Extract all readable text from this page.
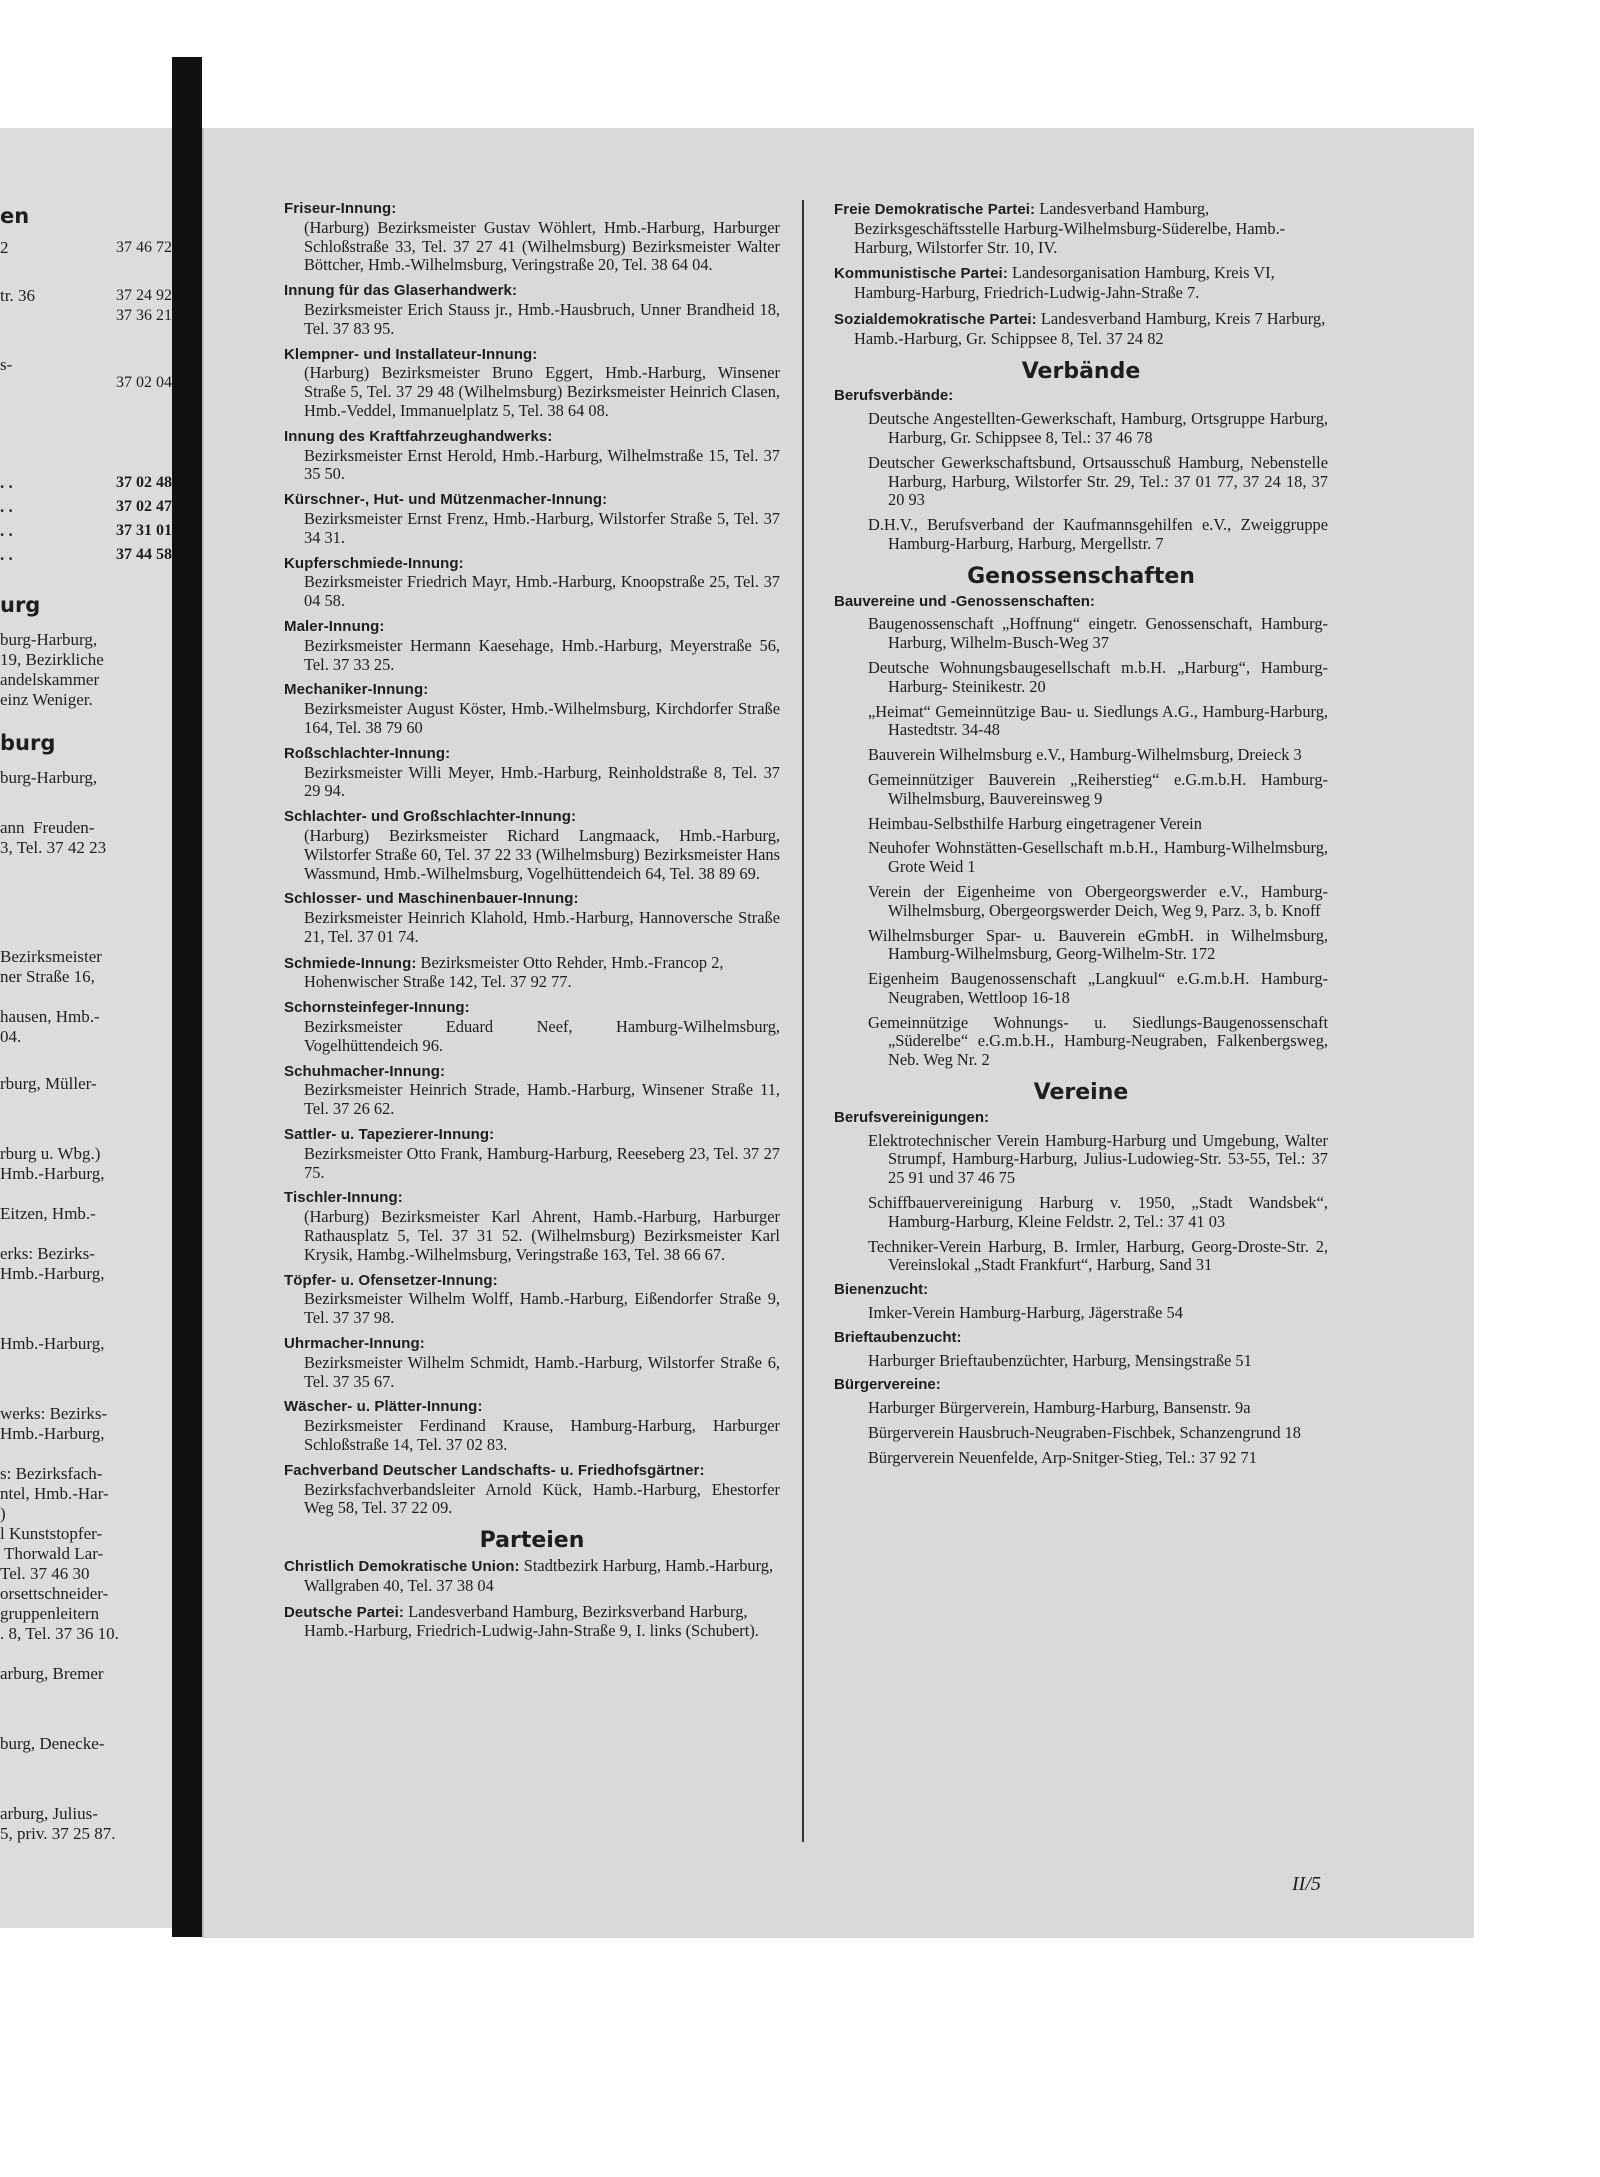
en
2	37 46 72
tr. 36	37 24 92
37 36 21
s-
37 02 04
. .	37 02 48
. .	37 02 47
. .	37 31 01
. .	37 44 58
urg
burg-Harburg,
19, Bezirkliche
andelskammer
einz Weniger.
burg
burg-Harburg,
ann  Freuden-
3, Tel. 37 42 23
Bezirksmeister
ner Straße 16,
hausen, Hmb.-
04.
rburg, Müller-
rburg u. Wbg.)
Hmb.-Harburg,
Eitzen, Hmb.-
erks: Bezirks-
Hmb.-Harburg,
Hmb.-Harburg,
werks: Bezirks-
Hmb.-Harburg,
s: Bezirksfach-
ntel, Hmb.-Har-
)
l Kunststopfer-
Thorwald Lar-
Tel. 37 46 30
orsettschneider-
gruppenleitern
. 8, Tel. 37 36 10.
arburg, Bremer
burg, Denecke-
arburg, Julius-
5, priv. 37 25 87.
Friseur-Innung:
(Harburg) Bezirksmeister Gustav Wöhlert, Hmb.-Harburg, Harburger Schloßstraße 33, Tel. 37 27 41 (Wilhelmsburg) Bezirksmeister Walter Böttcher, Hmb.-Wilhelmsburg, Veringstraße 20, Tel. 38 64 04.
Innung für das Glaserhandwerk:
Bezirksmeister Erich Stauss jr., Hmb.-Hausbruch, Unner Brandheid 18, Tel. 37 83 95.
Klempner- und Installateur-Innung:
(Harburg) Bezirksmeister Bruno Eggert, Hmb.-Harburg, Winsener Straße 5, Tel. 37 29 48 (Wilhelmsburg) Bezirksmeister Heinrich Clasen, Hmb.-Veddel, Immanuelplatz 5, Tel. 38 64 08.
Innung des Kraftfahrzeughandwerks:
Bezirksmeister Ernst Herold, Hmb.-Harburg, Wilhelmstraße 15, Tel. 37 35 50.
Kürschner-, Hut- und Mützenmacher-Innung:
Bezirksmeister Ernst Frenz, Hmb.-Harburg, Wilstorfer Straße 5, Tel. 37 34 31.
Kupferschmiede-Innung:
Bezirksmeister Friedrich Mayr, Hmb.-Harburg, Knoopstraße 25, Tel. 37 04 58.
Maler-Innung:
Bezirksmeister Hermann Kaesehage, Hmb.-Harburg, Meyerstraße 56, Tel. 37 33 25.
Mechaniker-Innung:
Bezirksmeister August Köster, Hmb.-Wilhelmsburg, Kirchdorfer Straße 164, Tel. 38 79 60
Roßschlachter-Innung:
Bezirksmeister Willi Meyer, Hmb.-Harburg, Reinholdstraße 8, Tel. 37 29 94.
Schlachter- und Großschlachter-Innung:
(Harburg) Bezirksmeister Richard Langmaack, Hmb.-Harburg, Wilstorfer Straße 60, Tel. 37 22 33 (Wilhelmsburg) Bezirksmeister Hans Wassmund, Hmb.-Wilhelmsburg, Vogelhüttendeich 64, Tel. 38 89 69.
Schlosser- und Maschinenbauer-Innung:
Bezirksmeister Heinrich Klahold, Hmb.-Harburg, Hannoversche Straße 21, Tel. 37 01 74.
Schmiede-Innung: Bezirksmeister Otto Rehder, Hmb.-Francop 2, Hohenwischer Straße 142, Tel. 37 92 77.
Schornsteinfeger-Innung:
Bezirksmeister Eduard Neef, Hamburg-Wilhelmsburg, Vogelhüttendeich 96.
Schuhmacher-Innung:
Bezirksmeister Heinrich Strade, Hamb.-Harburg, Winsener Straße 11, Tel. 37 26 62.
Sattler- u. Tapezierer-Innung:
Bezirksmeister Otto Frank, Hamburg-Harburg, Reeseberg 23, Tel. 37 27 75.
Tischler-Innung:
(Harburg) Bezirksmeister Karl Ahrent, Hamb.-Harburg, Harburger Rathausplatz 5, Tel. 37 31 52. (Wilhelmsburg) Bezirksmeister Karl Krysik, Hambg.-Wilhelmsburg, Veringstraße 163, Tel. 38 66 67.
Töpfer- u. Ofensetzer-Innung:
Bezirksmeister Wilhelm Wolff, Hamb.-Harburg, Eißendorfer Straße 9, Tel. 37 37 98.
Uhrmacher-Innung:
Bezirksmeister Wilhelm Schmidt, Hamb.-Harburg, Wilstorfer Straße 6, Tel. 37 35 67.
Wäscher- u. Plätter-Innung:
Bezirksmeister Ferdinand Krause, Hamburg-Harburg, Harburger Schloßstraße 14, Tel. 37 02 83.
Fachverband Deutscher Landschafts- u. Friedhofsgärtner:
Bezirksfachverbandsleiter Arnold Kück, Hamb.-Harburg, Ehestorfer Weg 58, Tel. 37 22 09.
Parteien
Christlich Demokratische Union: Stadtbezirk Harburg, Hamb.-Harburg, Wallgraben 40, Tel. 37 38 04
Deutsche Partei: Landesverband Hamburg, Bezirksverband Harburg, Hamb.-Harburg, Friedrich-Ludwig-Jahn-Straße 9, I. links (Schubert).
Freie Demokratische Partei: Landesverband Hamburg, Bezirksgeschäftsstelle Harburg-Wilhelmsburg-Süderelbe, Hamb.-Harburg, Wilstorfer Str. 10, IV.
Kommunistische Partei: Landesorganisation Hamburg, Kreis VI, Hamburg-Harburg, Friedrich-Ludwig-Jahn-Straße 7.
Sozialdemokratische Partei: Landesverband Hamburg, Kreis 7 Harburg, Hamb.-Harburg, Gr. Schippsee 8, Tel. 37 24 82
Verbände
Berufsverbände:
Deutsche Angestellten-Gewerkschaft, Hamburg, Ortsgruppe Harburg, Harburg, Gr. Schippsee 8, Tel.: 37 46 78
Deutscher Gewerkschaftsbund, Ortsausschuß Hamburg, Nebenstelle Harburg, Harburg, Wilstorfer Str. 29, Tel.: 37 01 77, 37 24 18, 37 20 93
D.H.V., Berufsverband der Kaufmannsgehilfen e.V., Zweiggruppe Hamburg-Harburg, Harburg, Mergellstr. 7
Genossenschaften
Bauvereine und -Genossenschaften:
Baugenossenschaft „Hoffnung“ eingetr. Genossenschaft, Hamburg-Harburg, Wilhelm-Busch-Weg 37
Deutsche Wohnungsbaugesellschaft m.b.H. „Harburg“, Hamburg-Harburg- Steinikestr. 20
„Heimat“ Gemeinnützige Bau- u. Siedlungs A.G., Hamburg-Harburg, Hastedtstr. 34-48
Bauverein Wilhelmsburg e.V., Hamburg-Wilhelmsburg, Dreieck 3
Gemeinnütziger Bauverein „Reiherstieg“ e.G.m.b.H. Hamburg-Wilhelmsburg, Bauvereinsweg 9
Heimbau-Selbsthilfe Harburg eingetragener Verein
Neuhofer Wohnstätten-Gesellschaft m.b.H., Hamburg-Wilhelmsburg, Grote Weid 1
Verein der Eigenheime von Obergeorgswerder e.V., Hamburg-Wilhelmsburg, Obergeorgswerder Deich, Weg 9, Parz. 3, b. Knoff
Wilhelmsburger Spar- u. Bauverein eGmbH. in Wilhelmsburg, Hamburg-Wilhelmsburg, Georg-Wilhelm-Str. 172
Eigenheim Baugenossenschaft „Langkuul“ e.G.m.b.H. Hamburg-Neugraben, Wettloop 16-18
Gemeinnützige Wohnungs- u. Siedlungs-Baugenossenschaft „Süderelbe“ e.G.m.b.H., Hamburg-Neugraben, Falkenbergsweg, Neb. Weg Nr. 2
Vereine
Berufsvereinigungen:
Elektrotechnischer Verein Hamburg-Harburg und Umgebung, Walter Strumpf, Hamburg-Harburg, Julius-Ludowieg-Str. 53-55, Tel.: 37 25 91 und 37 46 75
Schiffbauervereinigung Harburg v. 1950, „Stadt Wandsbek“, Hamburg-Harburg, Kleine Feldstr. 2, Tel.: 37 41 03
Techniker-Verein Harburg, B. Irmler, Harburg, Georg-Droste-Str. 2, Vereinslokal „Stadt Frankfurt“, Harburg, Sand 31
Bienenzucht:
Imker-Verein Hamburg-Harburg, Jägerstraße 54
Brieftaubenzucht:
Harburger Brieftaubenzüchter, Harburg, Mensingstraße 51
Bürgervereine:
Harburger Bürgerverein, Hamburg-Harburg, Bansenstr. 9a
Bürgerverein Hausbruch-Neugraben-Fischbek, Schanzengrund 18
Bürgerverein Neuenfelde, Arp-Snitger-Stieg, Tel.: 37 92 71
II/5
